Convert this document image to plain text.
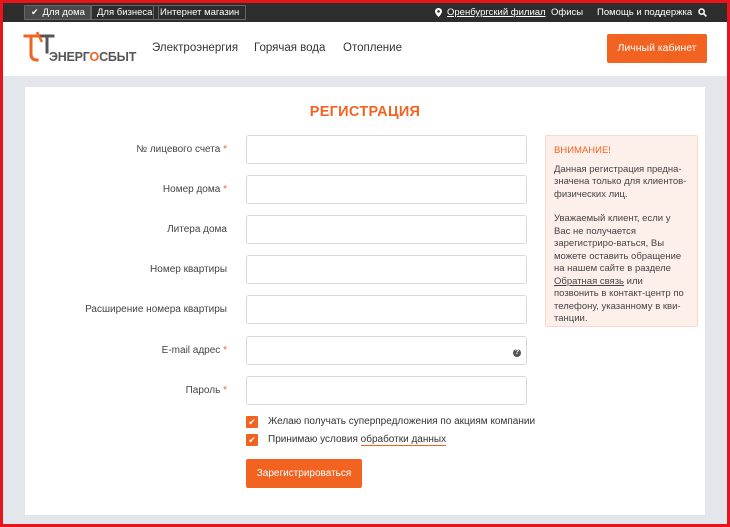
✔ Для дома	Для бизнеса Интернет магазин	Оренбургский филиал Офисы Помощь и поддержка
ЭНЕРГОСБЫТ
Электроэнергия Горячая вода Отопление	Личный кабинет
РЕГИСТРАЦИЯ
№ лицевого счета *
Номер дома *
Литера дома
Номер квартиры
Расширение номера квартиры
E-mail адрес *	?
Пароль *
✔ Желаю получать суперпредложения по акциям компании
✔ Принимаю условия обработки данных
Зарегистрироваться
ВНИМАНИЕ!
Данная регистрация предна-значена только для клиентов-физических лиц.
Уважаемый клиент, если у Вас не получается зарегистриро-ваться, Вы можете оставить обращение на нашем сайте в разделе Обратная связь или позвонить в контакт-центр по телефону, указанному в кви-танции.
